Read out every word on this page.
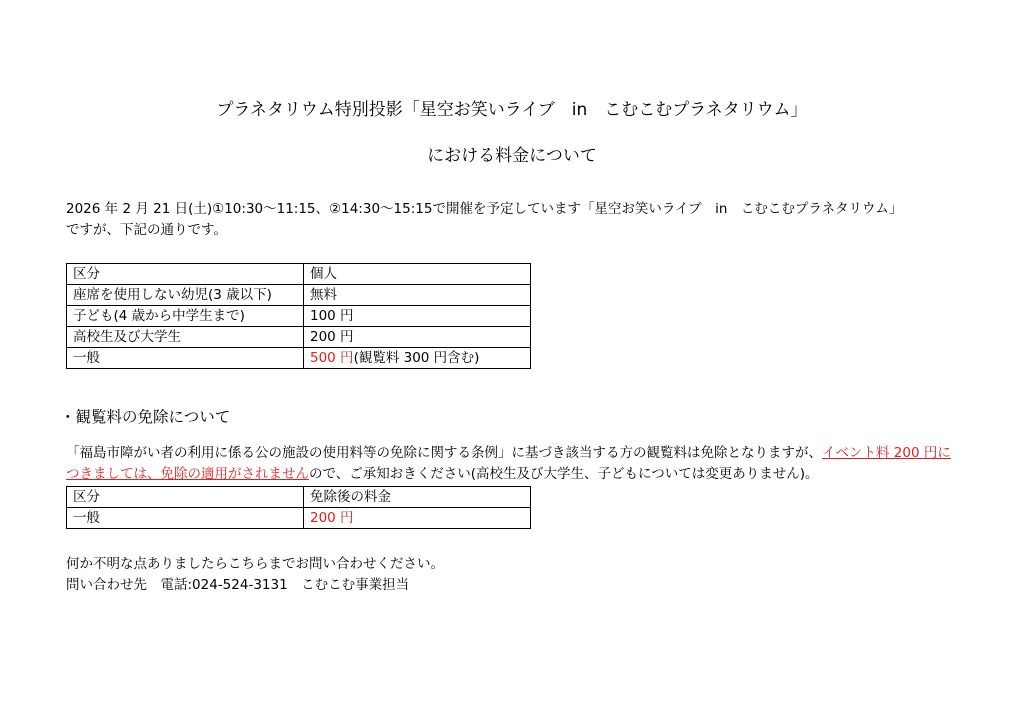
プラネタリウム特別投影「星空お笑いライブ　in　こむこむプラネタリウム」
における料金について
2026 年 2 月 21 日(土)①10:30～11:15、②14:30～15:15で開催を予定しています「星空お笑いライブ　in　こむこむプラネタリウム」
ですが、下記の通りです。
区分	個人
座席を使用しない幼児(3 歳以下)	無料
子ども(4 歳から中学生まで)	100 円
高校生及び大学生	200 円
一般	500 円(観覧料 300 円含む)
・観覧料の免除について
「福島市障がい者の利用に係る公の施設の使用料等の免除に関する条例」に基づき該当する方の観覧料は免除となりますが、イベント料 200 円につきましては、免除の適用がされませんので、ご承知おきください(高校生及び大学生、子どもについては変更ありません)。
区分	免除後の料金
一般	200 円
何か不明な点ありましたらこちらまでお問い合わせください。
問い合わせ先　電話:024-524-3131　こむこむ事業担当
